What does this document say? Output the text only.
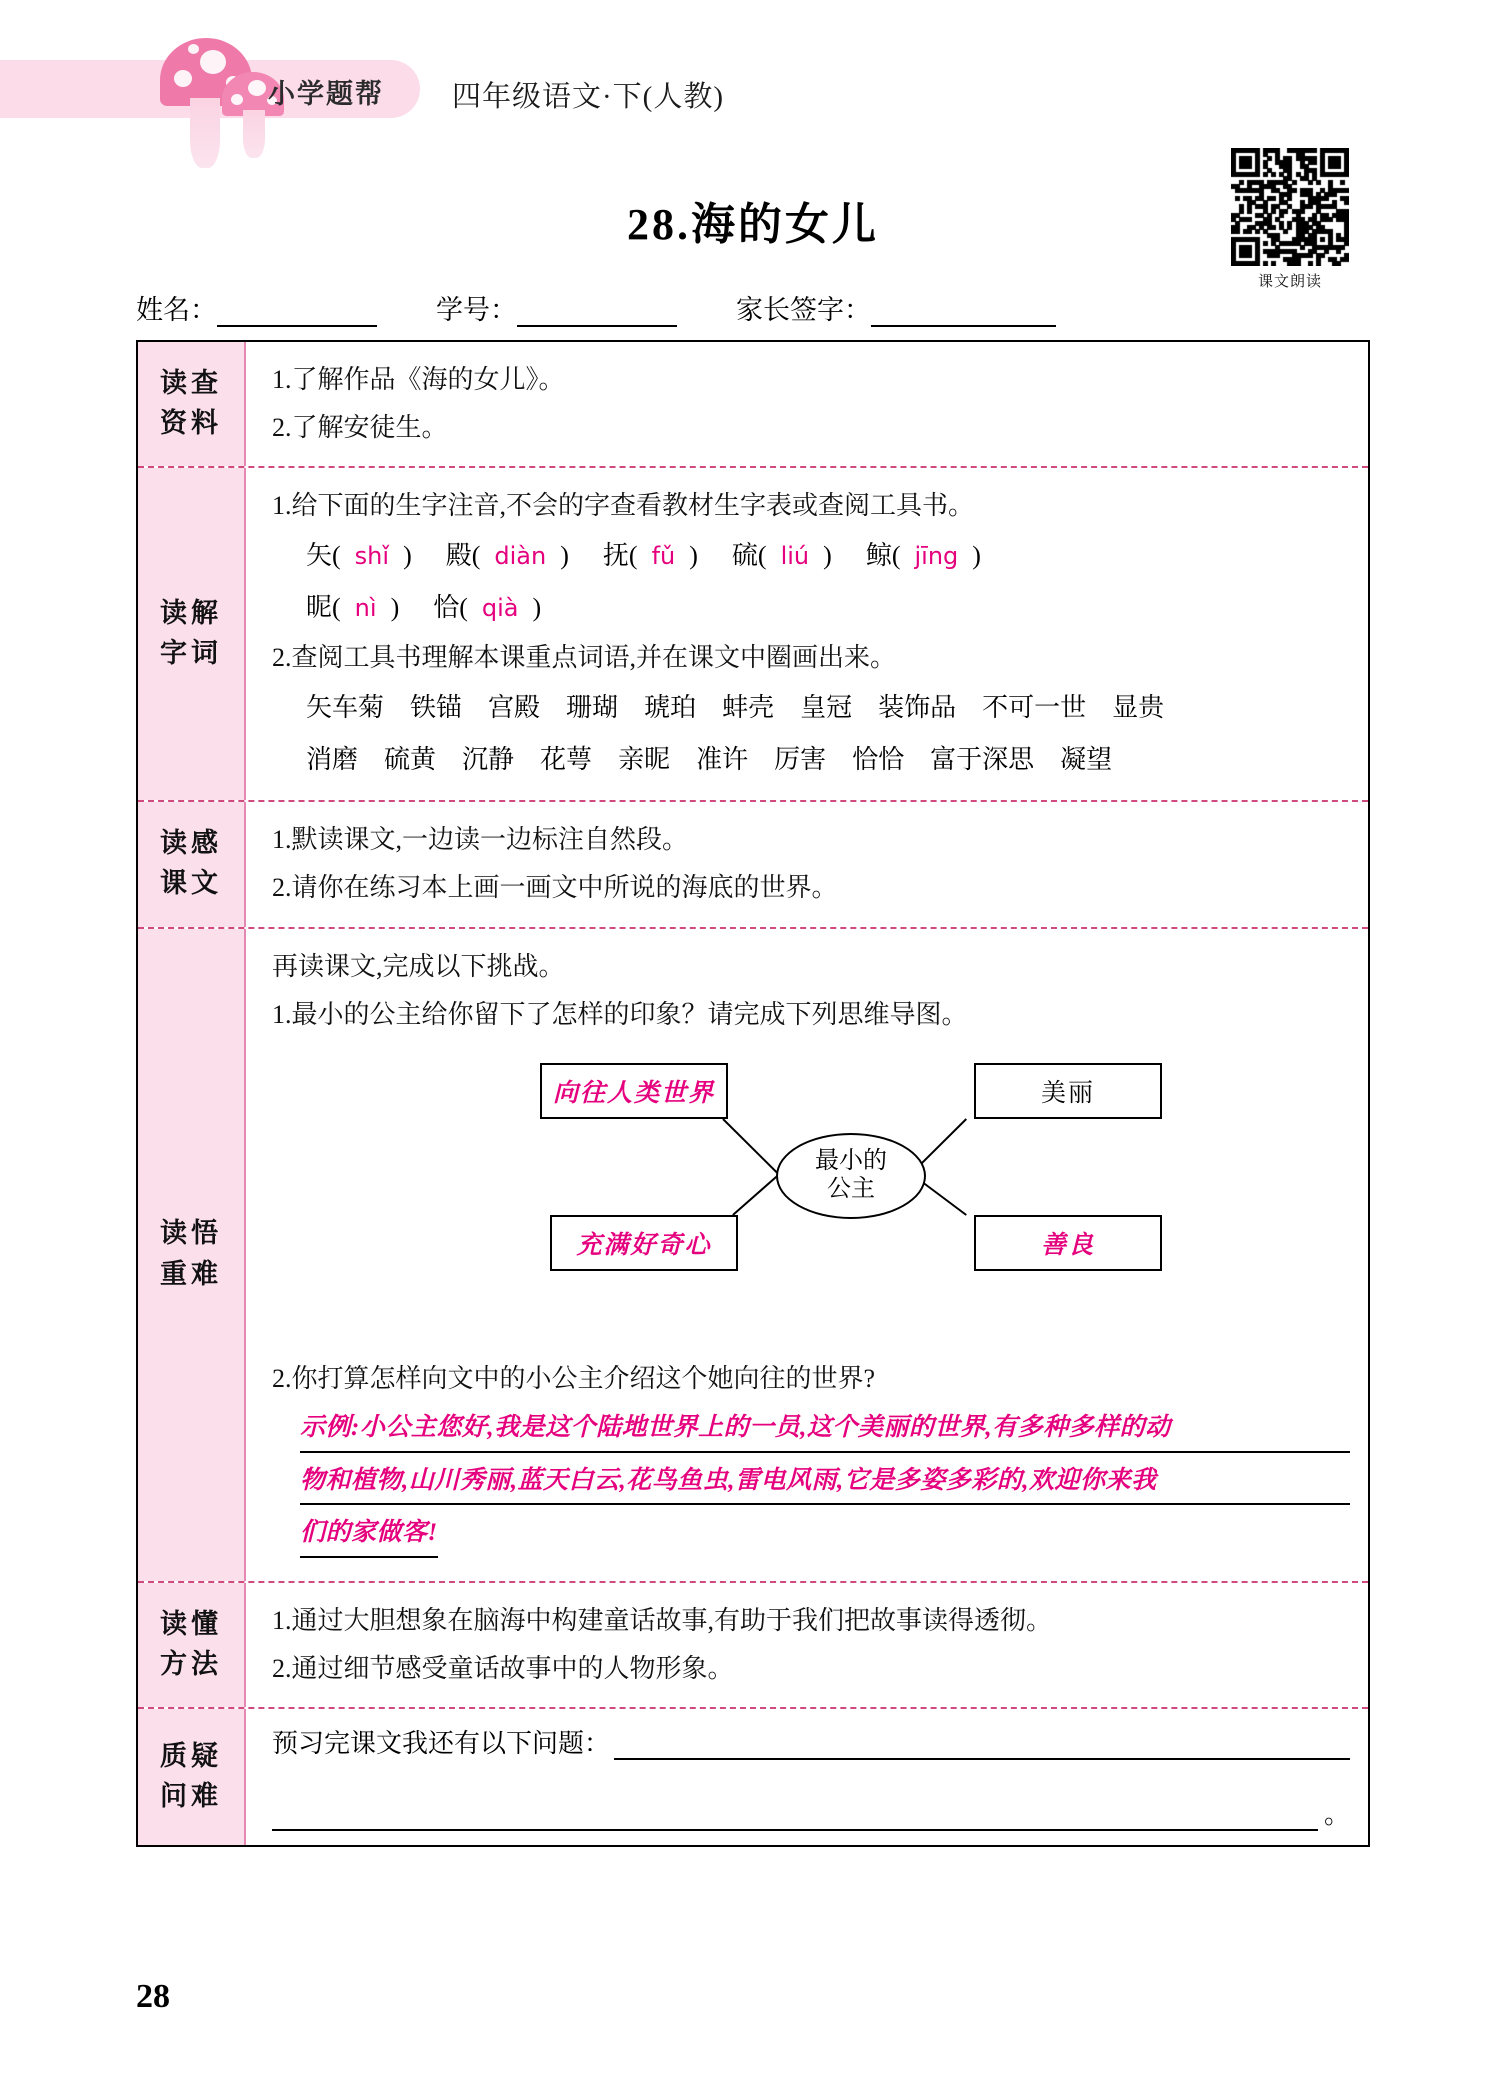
小学题帮 四年级语文·下(人教)
课文朗读
28.海的女儿
姓名：	学号：	家长签字：
读查
资料
1.了解作品《海的女儿》。
2.了解安徒生。
读解
字词
1.给下面的生字注音,不会的字查看教材生字表或查阅工具书。
矢( shǐ ) 殿( diàn ) 抚( fǔ ) 硫( liú ) 鲸( jīng )
昵( nì ) 恰( qià )
2.查阅工具书理解本课重点词语,并在课文中圈画出来。
矢车菊 铁锚 宫殿 珊瑚 琥珀 蚌壳 皇冠 装饰品 不可一世 显贵
消磨 硫黄 沉静 花萼 亲昵 准许 厉害 恰恰 富于深思 凝望
读感
课文
1.默读课文,一边读一边标注自然段。
2.请你在练习本上画一画文中所说的海底的世界。
读悟
重难
再读课文,完成以下挑战。
1.最小的公主给你留下了怎样的印象？请完成下列思维导图。
向往人类世界	美丽
充满好奇心	善良
最小的
公主
2.你打算怎样向文中的小公主介绍这个她向往的世界?
示例:小公主您好,我是这个陆地世界上的一员,这个美丽的世界,有多种多样的动
物和植物,山川秀丽,蓝天白云,花鸟鱼虫,雷电风雨,它是多姿多彩的,欢迎你来我
们的家做客!
读懂
方法
1.通过大胆想象在脑海中构建童话故事,有助于我们把故事读得透彻。
2.通过细节感受童话故事中的人物形象。
质疑
问难
预习完课文我还有以下问题：
。
28
